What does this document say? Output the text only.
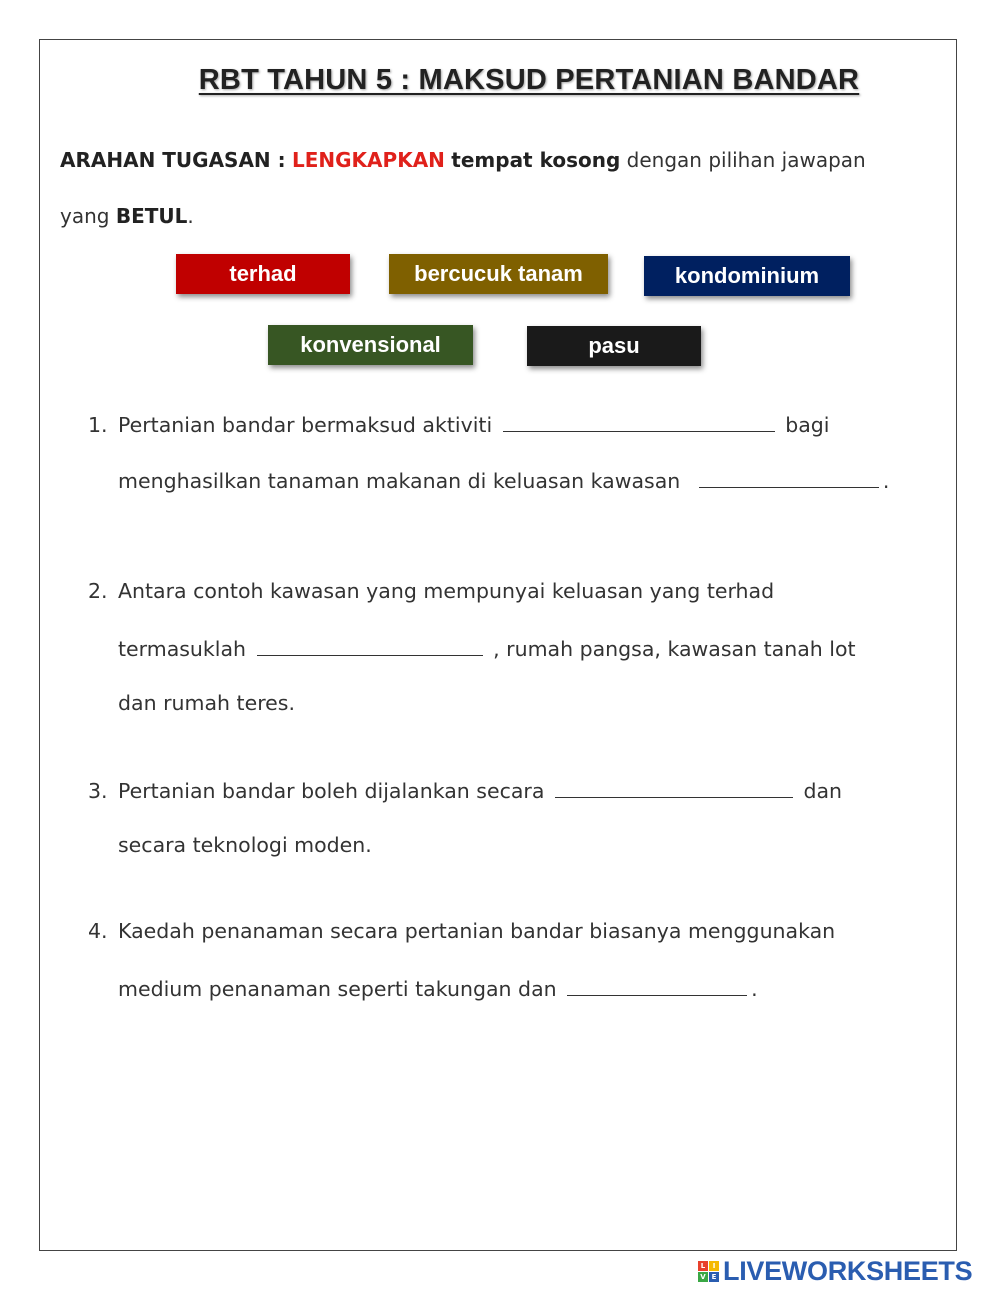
RBT TAHUN 5 : MAKSUD PERTANIAN BANDAR
ARAHAN TUGASAN : LENGKAPKAN tempat kosong dengan pilihan jawapan
yang BETUL.
terhad	bercucuk tanam	kondominium
konvensional	pasu
1. Pertanian bandar bermaksud aktiviti	bagi
menghasilkan tanaman makanan di keluasan kawasan	.
2. Antara contoh kawasan yang mempunyai keluasan yang terhad
termasuklah	, rumah pangsa, kawasan tanah lot
dan rumah teres.
3. Pertanian bandar boleh dijalankan secara	dan
secara teknologi moden.
4. Kaedah penanaman secara pertanian bandar biasanya menggunakan
medium penanaman seperti takungan dan	.
L	I
V E LIVEWORKSHEETS
